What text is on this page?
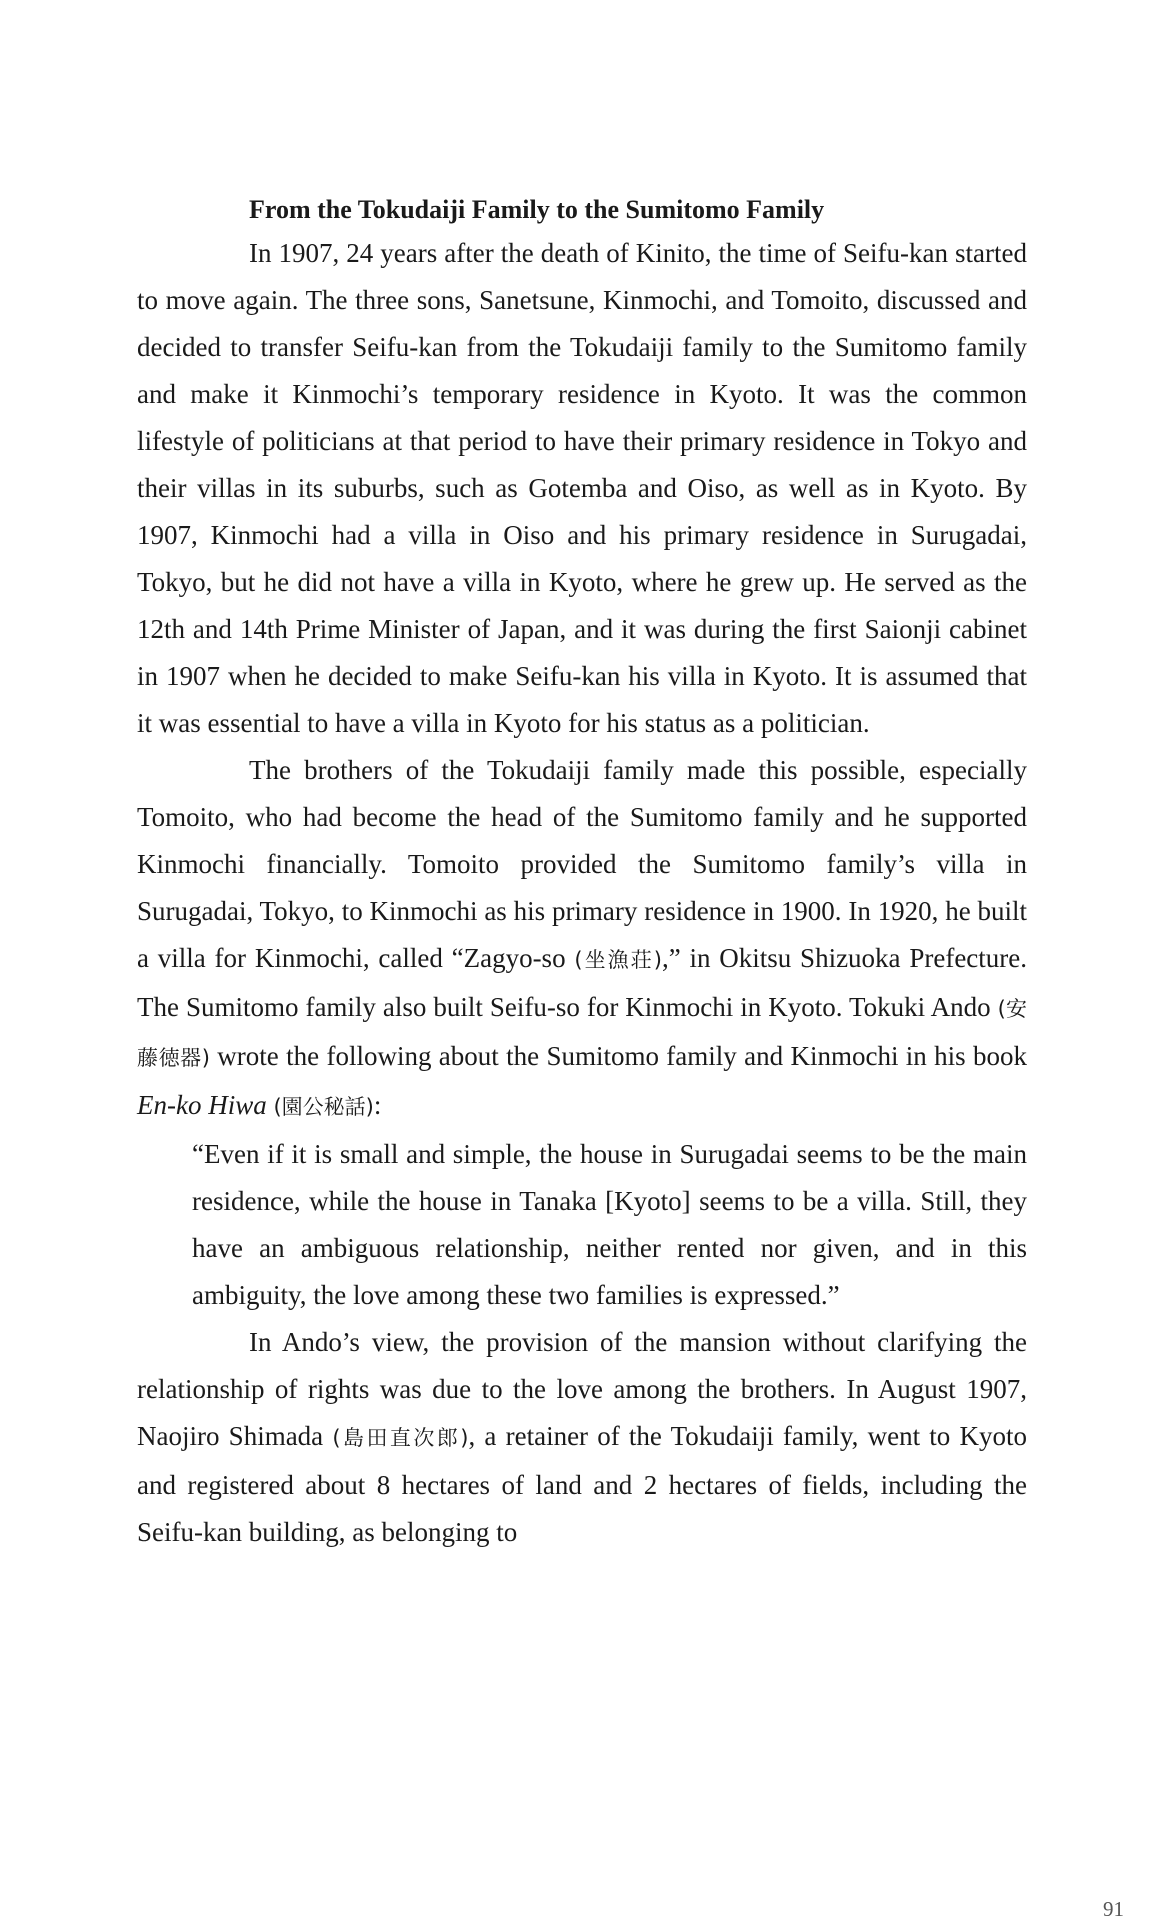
From the Tokudaiji Family to the Sumitomo Family

In 1907, 24 years after the death of Kinito, the time of Seifu-kan started to move again. The three sons, Sanetsune, Kinmochi, and Tomoito, discussed and decided to transfer Seifu-kan from the Tokudaiji family to the Sumitomo family and make it Kinmochi’s temporary residence in Kyoto. It was the common lifestyle of politicians at that period to have their primary residence in Tokyo and their villas in its suburbs, such as Gotemba and Oiso, as well as in Kyoto. By 1907, Kinmochi had a villa in Oiso and his primary residence in Surugadai, Tokyo, but he did not have a villa in Kyoto, where he grew up. He served as the 12th and 14th Prime Minister of Japan, and it was during the first Saionji cabinet in 1907 when he decided to make Seifu-kan his villa in Kyoto. It is assumed that it was essential to have a villa in Kyoto for his status as a politician.

The brothers of the Tokudaiji family made this possible, especially Tomoito, who had become the head of the Sumitomo family and he supported Kinmochi financially. Tomoito provided the Sumitomo family’s villa in Surugadai, Tokyo, to Kinmochi as his primary residence in 1900. In 1920, he built a villa for Kinmochi, called “Zagyo-so (坐漁荘),” in Okitsu Shizuoka Prefecture. The Sumitomo family also built Seifu-so for Kinmochi in Kyoto. Tokuki Ando (安藤徳器) wrote the following about the Sumitomo family and Kinmochi in his book En-ko Hiwa (園公秘話):

“Even if it is small and simple, the house in Surugadai seems to be the main residence, while the house in Tanaka [Kyoto] seems to be a villa. Still, they have an ambiguous relationship, neither rented nor given, and in this ambiguity, the love among these two families is expressed.”

In Ando’s view, the provision of the mansion without clarifying the relationship of rights was due to the love among the brothers. In August 1907, Naojiro Shimada (島田直次郎), a retainer of the Tokudaiji family, went to Kyoto and registered about 8 hectares of land and 2 hectares of fields, including the Seifu-kan building, as belonging to

91
